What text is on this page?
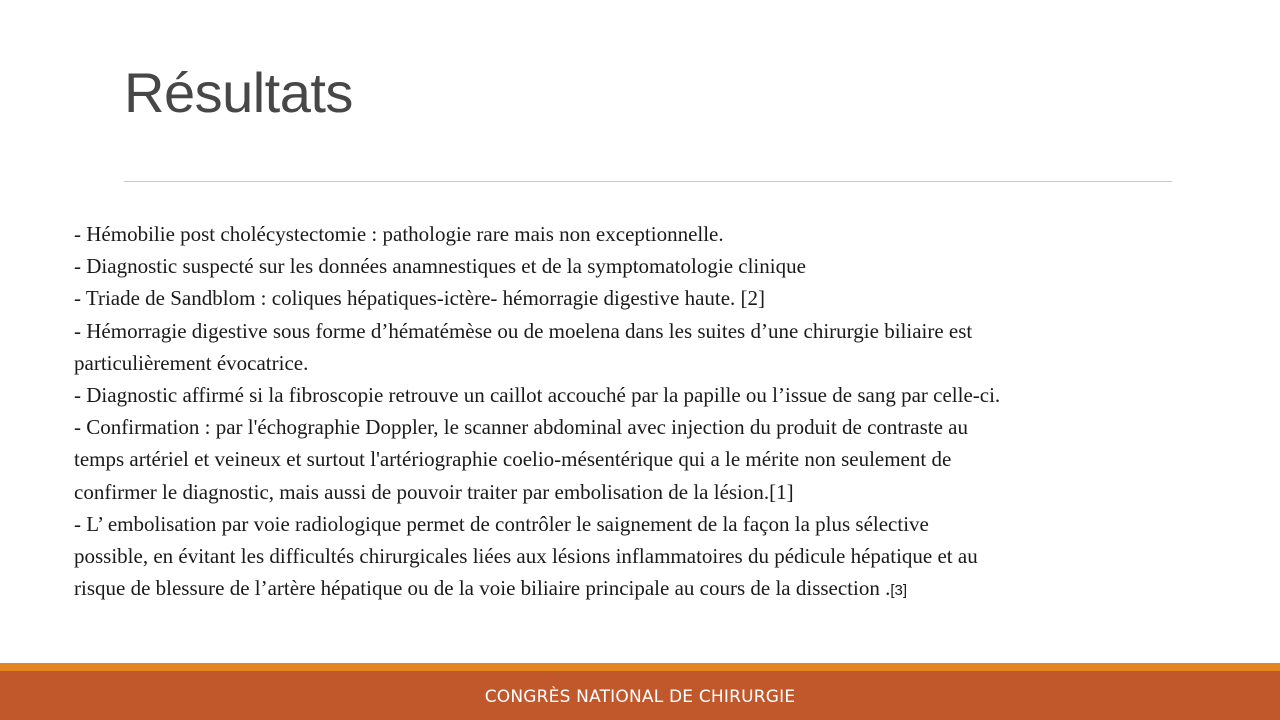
Résultats

- Hémobilie post cholécystectomie : pathologie rare mais non exceptionnelle.

- Diagnostic suspecté sur les données anamnestiques et de la symptomatologie clinique

- Triade de Sandblom : coliques hépatiques-ictère- hémorragie digestive haute. [2]

- Hémorragie digestive sous forme d’hématémèse ou de moelena dans les suites d’une chirurgie biliaire est

particulièrement évocatrice.

- Diagnostic affirmé si la fibroscopie retrouve un caillot accouché par la papille ou l’issue de sang par celle-ci.

- Confirmation : par l'échographie Doppler, le scanner abdominal avec injection du produit de contraste au

temps artériel et veineux et surtout l'artériographie coelio-mésentérique qui a le mérite non seulement de

confirmer le diagnostic, mais aussi de pouvoir traiter par embolisation de la lésion.[1]

- L’ embolisation par voie radiologique permet de contrôler le saignement de la façon la plus sélective

possible, en évitant les difficultés chirurgicales liées aux lésions inflammatoires du pédicule hépatique et au

risque de blessure de l’artère hépatique ou de la voie biliaire principale au cours de la dissection .[3]

CONGRÈS NATIONAL DE CHIRURGIE
